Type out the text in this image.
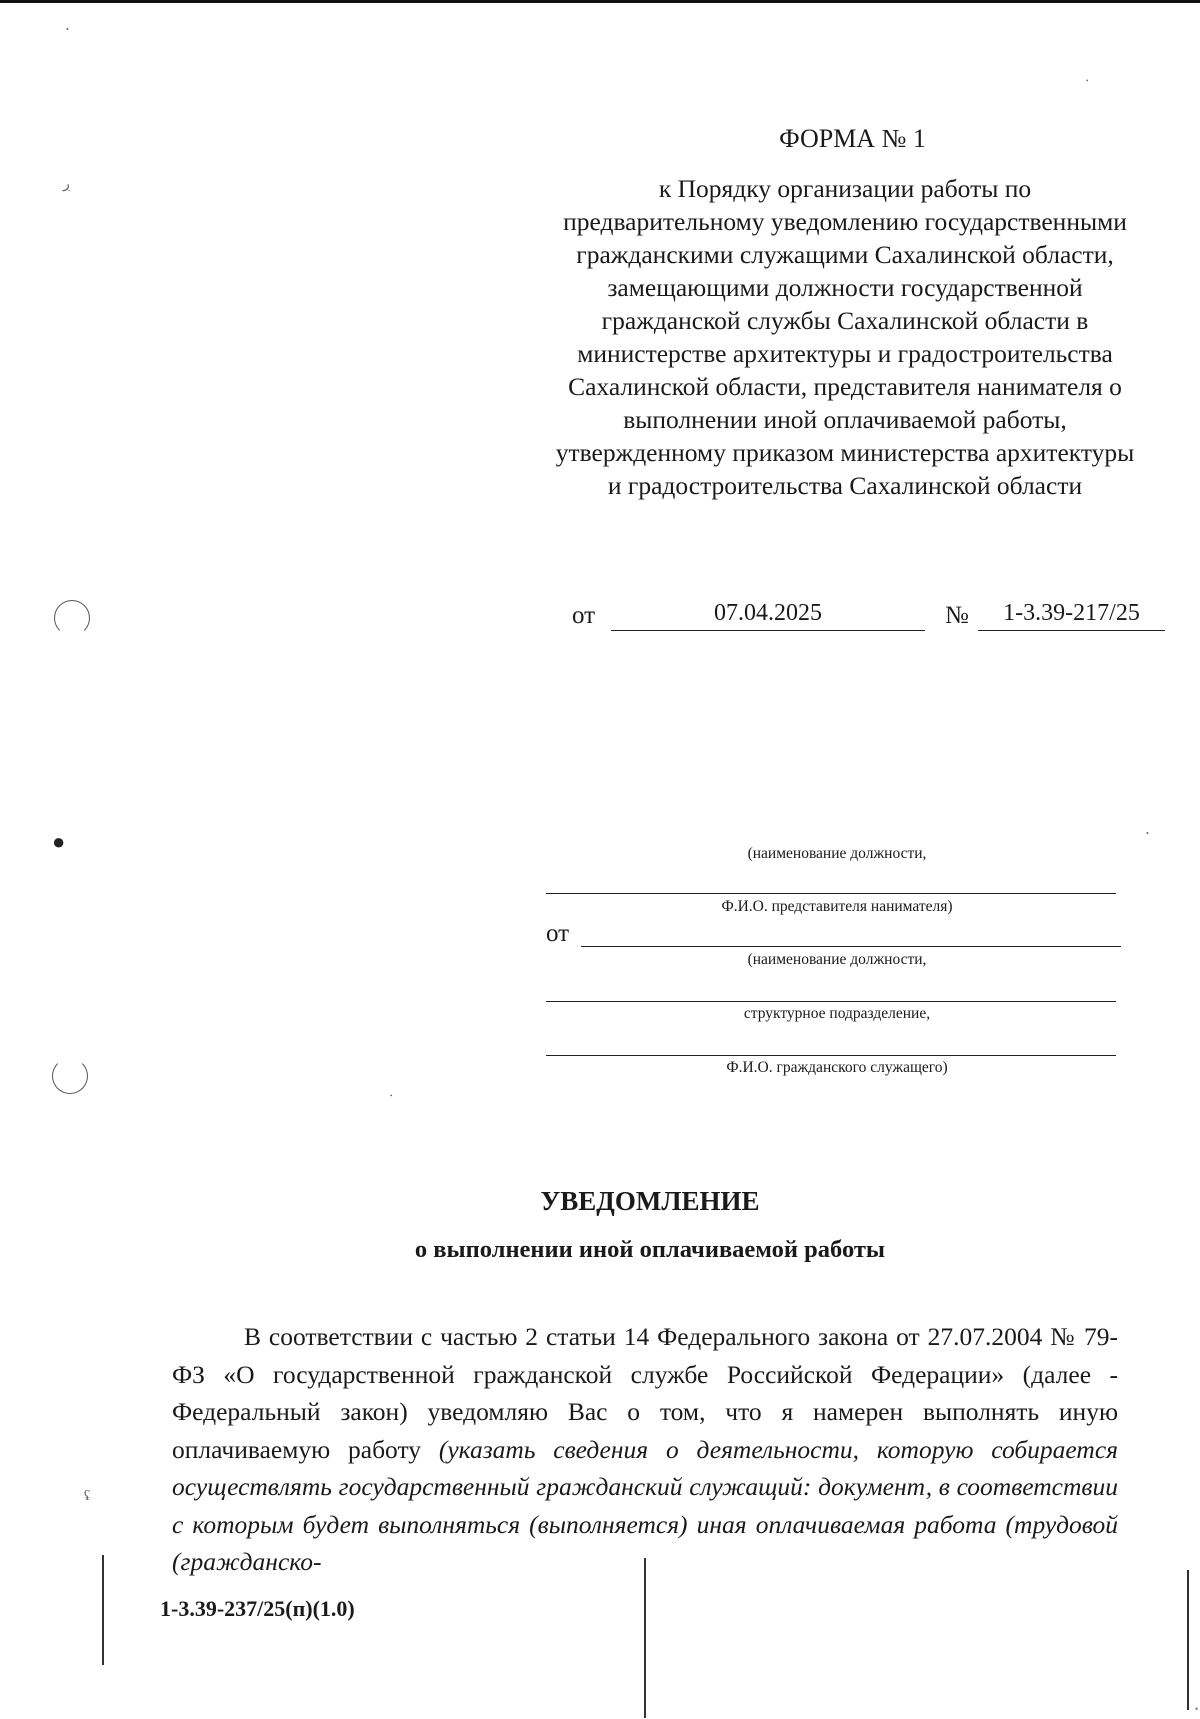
ФОРМА № 1
к Порядку организации работы по предварительному уведомлению государственными гражданскими служащими Сахалинской области, замещающими должности государственной гражданской службы Сахалинской области в министерстве архитектуры и градостроительства Сахалинской области, представителя нанимателя о выполнении иной оплачиваемой работы, утвержденному приказом министерства архитектуры и градостроительства Сахалинской области
от	07.04.2025	№	1-3.39-217/25
(наименование должности,
Ф.И.О. представителя нанимателя)
от
(наименование должности,
структурное подразделение,
Ф.И.О. гражданского служащего)
УВЕДОМЛЕНИЕ
о выполнении иной оплачиваемой работы
В соответствии с частью 2 статьи 14 Федерального закона от 27.07.2004 № 79-ФЗ «О государственной гражданской службе Российской Федерации» (далее - Федеральный закон) уведомляю Вас о том, что я намерен выполнять иную оплачиваемую работу (указать сведения о деятельности, которую собирается осуществлять государственный гражданский служащий: документ, в соответствии с которым будет выполняться (выполняется) иная оплачиваемая работа (трудовой (гражданско-
1-3.39-237/25(п)(1.0)
ڔ
●
ʢ
•
•
•
•
•
